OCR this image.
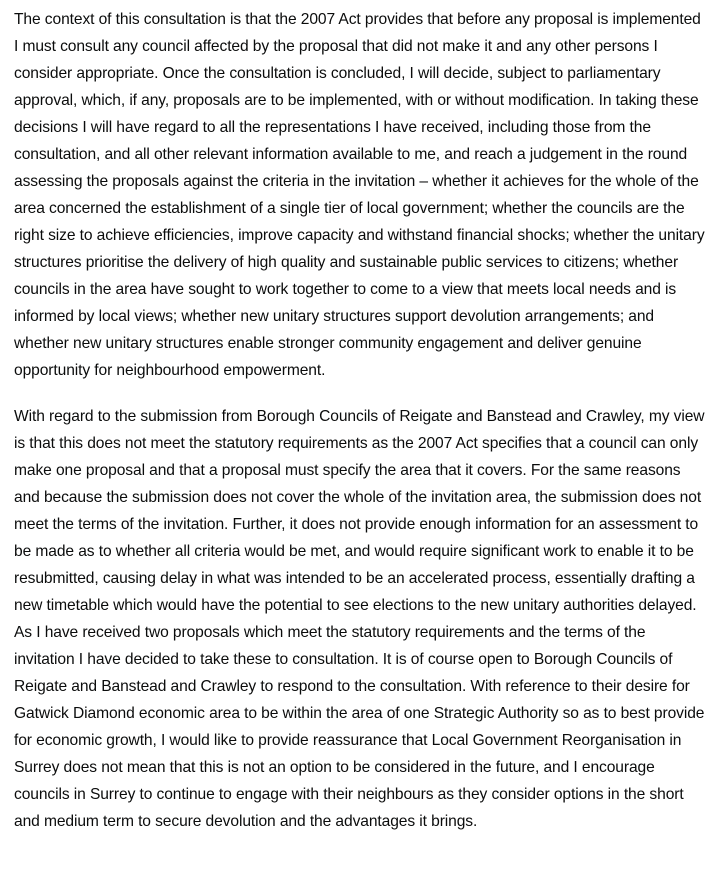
The context of this consultation is that the 2007 Act provides that before any proposal is implemented I must consult any council affected by the proposal that did not make it and any other persons I consider appropriate. Once the consultation is concluded, I will decide, subject to parliamentary approval, which, if any, proposals are to be implemented, with or without modification. In taking these decisions I will have regard to all the representations I have received, including those from the consultation, and all other relevant information available to me, and reach a judgement in the round assessing the proposals against the criteria in the invitation – whether it achieves for the whole of the area concerned the establishment of a single tier of local government; whether the councils are the right size to achieve efficiencies, improve capacity and withstand financial shocks; whether the unitary structures prioritise the delivery of high quality and sustainable public services to citizens; whether councils in the area have sought to work together to come to a view that meets local needs and is informed by local views; whether new unitary structures support devolution arrangements; and whether new unitary structures enable stronger community engagement and deliver genuine opportunity for neighbourhood empowerment.

With regard to the submission from Borough Councils of Reigate and Banstead and Crawley, my view is that this does not meet the statutory requirements as the 2007 Act specifies that a council can only make one proposal and that a proposal must specify the area that it covers. For the same reasons and because the submission does not cover the whole of the invitation area, the submission does not meet the terms of the invitation. Further, it does not provide enough information for an assessment to be made as to whether all criteria would be met, and would require significant work to enable it to be resubmitted, causing delay in what was intended to be an accelerated process, essentially drafting a new timetable which would have the potential to see elections to the new unitary authorities delayed. As I have received two proposals which meet the statutory requirements and the terms of the invitation I have decided to take these to consultation. It is of course open to Borough Councils of Reigate and Banstead and Crawley to respond to the consultation. With reference to their desire for Gatwick Diamond economic area to be within the area of one Strategic Authority so as to best provide for economic growth, I would like to provide reassurance that Local Government Reorganisation in Surrey does not mean that this is not an option to be considered in the future, and I encourage councils in Surrey to continue to engage with their neighbours as they consider options in the short and medium term to secure devolution and the advantages it brings.
